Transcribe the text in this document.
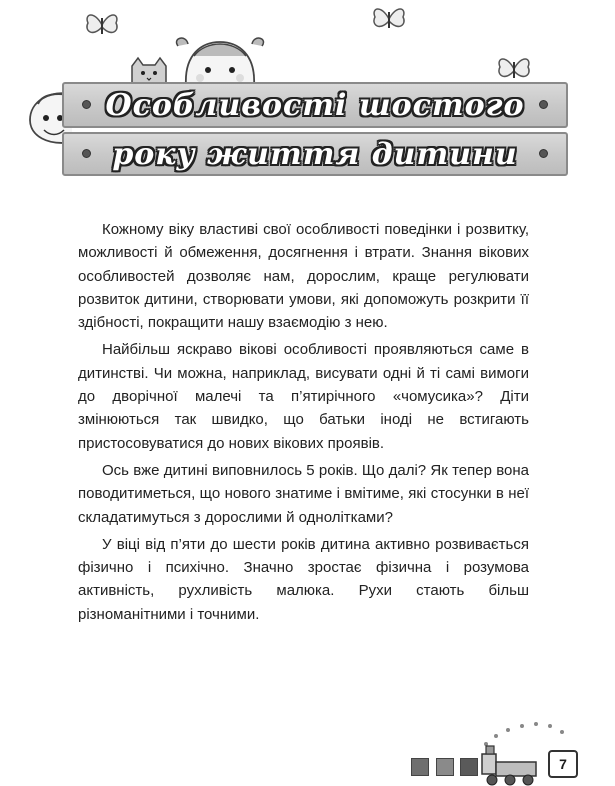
Особливості шостого
року життя дитини

Кожному віку властиві свої особливості поведінки і розвитку, можливості й обмеження, досягнення і втрати. Знання вікових особливостей дозволяє нам, дорослим, краще регулювати розвиток дитини, створювати умови, які допоможуть розкрити її здібності, покращити нашу взаємодію з нею.

Найбільш яскраво вікові особливості проявляються саме в дитинстві. Чи можна, наприклад, висувати одні й ті самі вимоги до дворічної малечі та п’ятирічного «чомусика»? Діти змінюються так швидко, що батьки іноді не встигають пристосовуватися до нових вікових проявів.

Ось вже дитині виповнилось 5 років. Що далі? Як тепер вона поводитиметься, що нового знатиме і вмітиме, які стосунки в неї складатимуться з дорослими й однолітками?

У віці від п’яти до шести років дитина активно розвивається фізично і психічно. Значно зростає фізична і розумова активність, рухливість малюка. Рухи стають більш різноманітними і точними.

7
